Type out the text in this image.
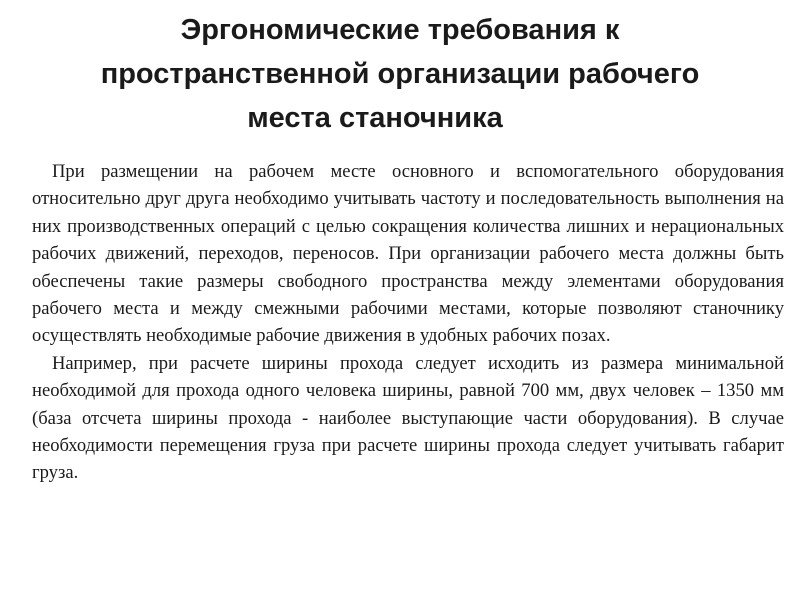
Эргономические требования к
пространственной организации рабочего
места станочника

При размещении на рабочем месте основного и вспомогательного оборудования относительно друг друга необходимо учитывать частоту и последовательность выполнения на них производственных операций с целью сокращения количества лишних и нерациональных рабочих движений, переходов, переносов. При организации рабочего места должны быть обеспечены такие размеры свободного пространства между элементами оборудования рабочего места и между смежными рабочими местами, которые позволяют станочнику осуществлять необходимые рабочие движения в удобных рабочих позах.

Например, при расчете ширины прохода следует исходить из размера минимальной необходимой для прохода одного человека ширины, равной 700 мм, двух человек – 1350 мм (база отсчета ширины прохода - наиболее выступающие части оборудования). В случае необходимости перемещения груза при расчете ширины прохода следует учитывать габарит груза.
